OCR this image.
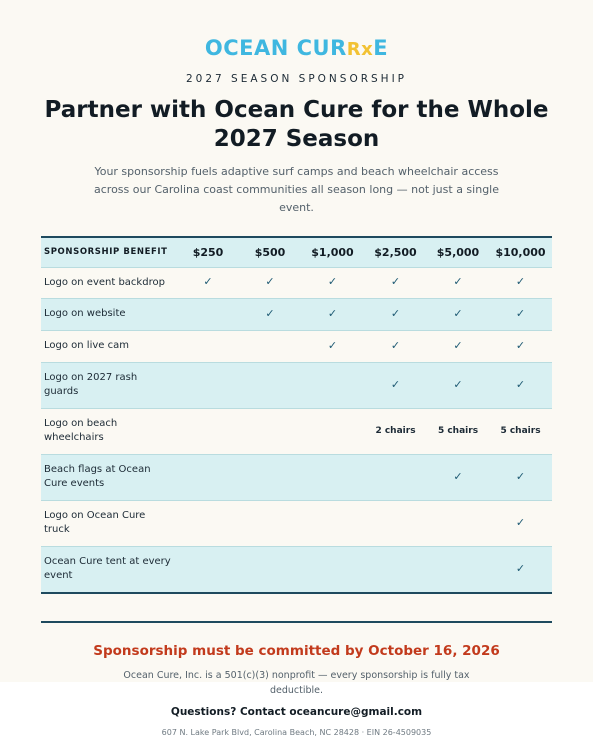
OCEAN CURRxE
2027 SEASON SPONSORSHIP
Partner with Ocean Cure for the Whole 2027 Season
Your sponsorship fuels adaptive surf camps and beach wheelchair access across our Carolina coast communities all season long — not just a single event.
SPONSORSHIP BENEFIT	$250	$500	$1,000	$2,500	$5,000	$10,000
Logo on event backdrop	✓	✓	✓	✓	✓	✓
Logo on website		✓	✓	✓	✓	✓
Logo on live cam			✓	✓	✓	✓
Logo on 2027 rash guards				✓	✓	✓
Logo on beach wheelchairs				2 chairs	5 chairs	5 chairs
Beach flags at Ocean Cure events					✓	✓
Logo on Ocean Cure truck						✓
Ocean Cure tent at every event						✓
Sponsorship must be committed by October 16, 2026
Ocean Cure, Inc. is a 501(c)(3) nonprofit — every sponsorship is fully tax deductible.
Questions? Contact oceancure@gmail.com
607 N. Lake Park Blvd, Carolina Beach, NC 28428 · EIN 26-4509035
